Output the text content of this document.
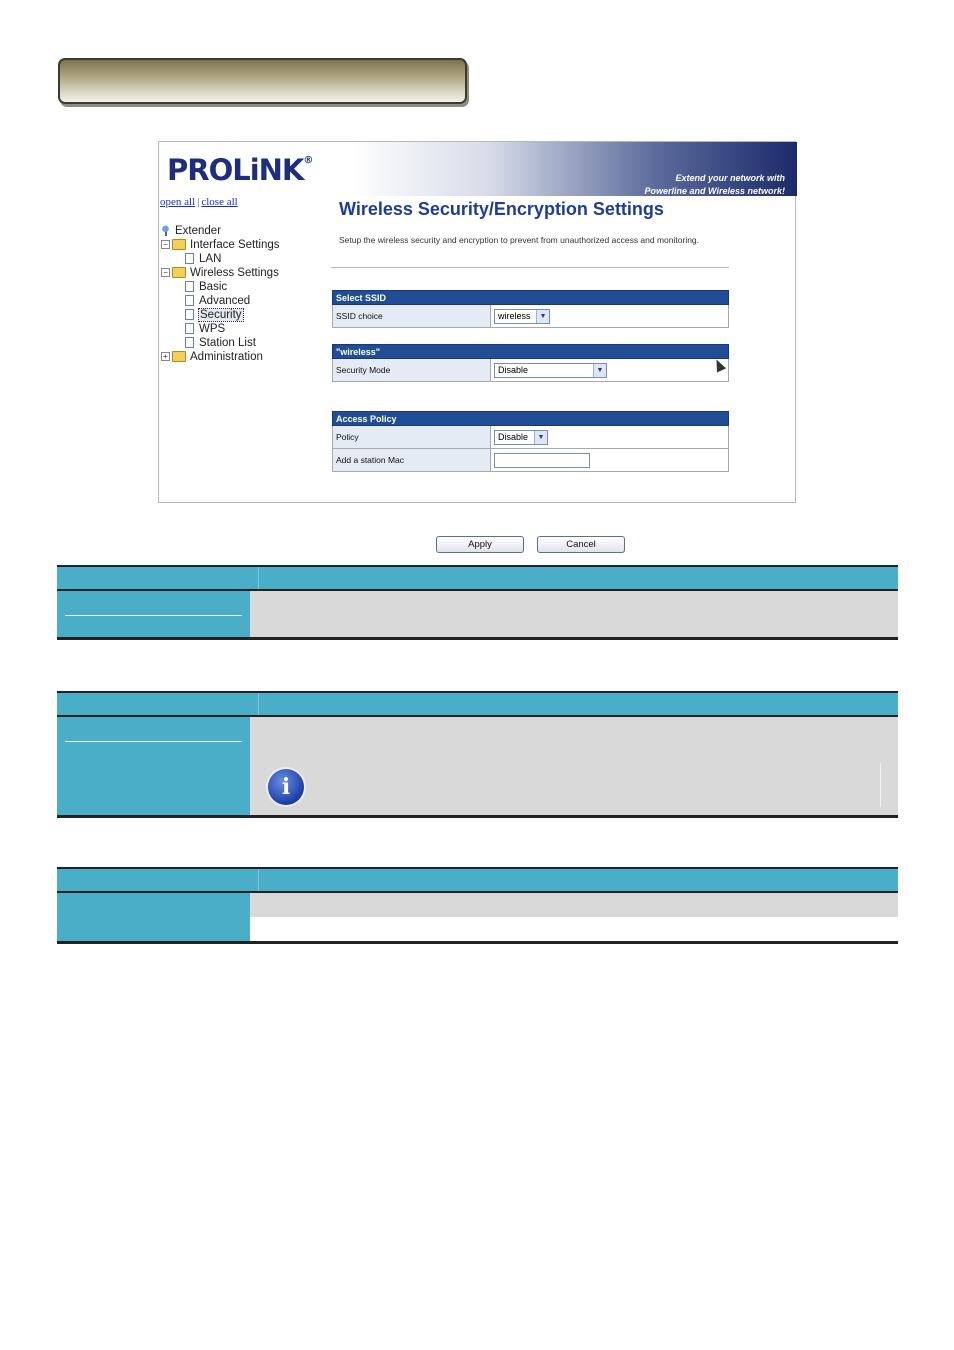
PROLiNK®
Extend your network with
Powerline and Wireless network!
open all | close all
Extender
− Interface Settings
LAN
− Wireless Settings
Basic
Advanced
Security
WPS
Station List
+ Administration
Wireless Security/Encryption Settings
Setup the wireless security and encryption to prevent from unauthorized access and monitoring.
Select SSID
SSID choice	wireless	▼
"wireless"
Security Mode	Disable	▼
Access Policy
Policy	Disable	▼
Add a station Mac
Apply	Cancel
i
